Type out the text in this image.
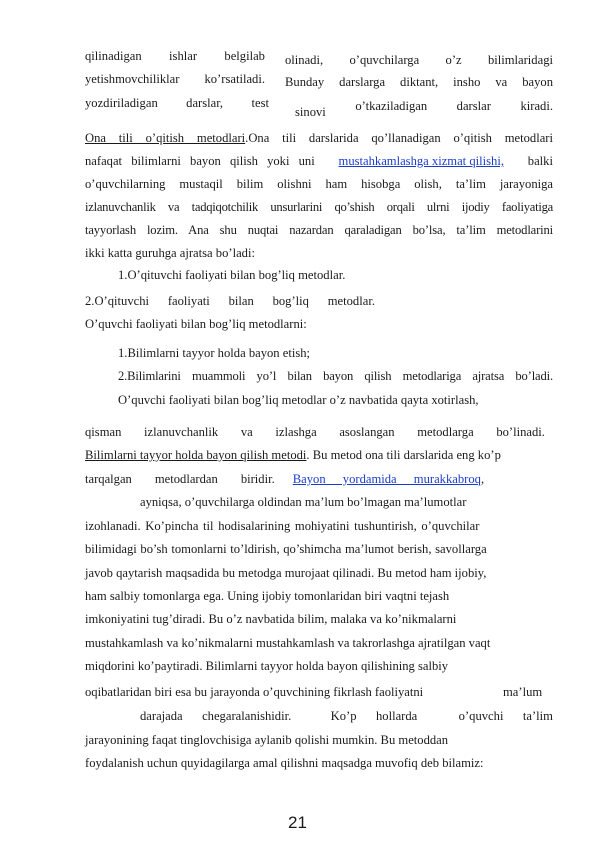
qilinadigan ishlar belgilab
yetishmovchiliklar ko’rsatiladi.
yozdiriladigan darslar, test
olinadi, o’quvchilarga o’z bilimlaridagi
Bunday darslarga diktant, insho va bayon
sinovi o’tkaziladigan darslar kiradi.
Ona tili o’qitish metodlari.Ona tili darslarida qo’llanadigan o’qitish metodlari
nafaqat bilimlarni bayon qilish yoki uni mustahkamlashga xizmat qilishi, balki
o’quvchilarning mustaqil bilim olishni ham hisobga olish, ta’lim jarayoniga
izlanuvchanlik va tadqiqotchilik unsurlarini qo’shish orqali ulrni ijodiy faoliyatiga
tayyorlash lozim. Ana shu nuqtai nazardan qaraladigan bo’lsa, ta’lim metodlarini
ikki katta guruhga ajratsa bo’ladi:
1.O’qituvchi faoliyati bilan bog’liq metodlar.
2.O’qituvchi faoliyati bilan bog’liq metodlar.
O’quvchi faoliyati bilan bog’liq metodlarni:
1.Bilimlarni tayyor holda bayon etish;
2.Bilimlarini muammoli yo’l bilan bayon qilish metodlariga ajratsa bo’ladi.
O’quvchi faoliyati bilan bog’liq metodlar o’z navbatida qayta xotirlash,
qisman izlanuvchanlik va izlashga asoslangan metodlarga bo’linadi.
Bilimlarni tayyor holda bayon qilish metodi. Bu metod ona tili darslarida eng ko’p
tarqalgan metodlardan biridir. Bayon yordamida murakkabroq ,
ayniqsa, o’quvchilarga oldindan ma’lum bo’lmagan ma’lumotlar
izohlanadi. Ko’pincha til hodisalarining mohiyatini tushuntirish, o’quvchilar
bilimidagi bo’sh tomonlarni to’ldirish, qo’shimcha ma’lumot berish, savollarga
javob qaytarish maqsadida bu metodga murojaat qilinadi. Bu metod ham ijobiy,
ham salbiy tomonlarga ega. Uning ijobiy tomonlaridan biri vaqtni tejash
imkoniyatini tug’diradi. Bu o’z navbatida bilim, malaka va ko’nikmalarni
mustahkamlash va ko’nikmalarni mustahkamlash va takrorlashga ajratilgan vaqt
miqdorini ko’paytiradi. Bilimlarni tayyor holda bayon qilishining salbiy
oqibatlaridan biri esa bu jarayonda o’quvchining fikrlash faoliyatni	ma’lum
darajada chegaralanishidir.	Ko’p hollarda	o’quvchi ta’lim
jarayonining faqat tinglovchisiga aylanib qolishi mumkin. Bu metoddan
foydalanish uchun quyidagilarga amal qilishni maqsadga muvofiq deb bilamiz:
21
